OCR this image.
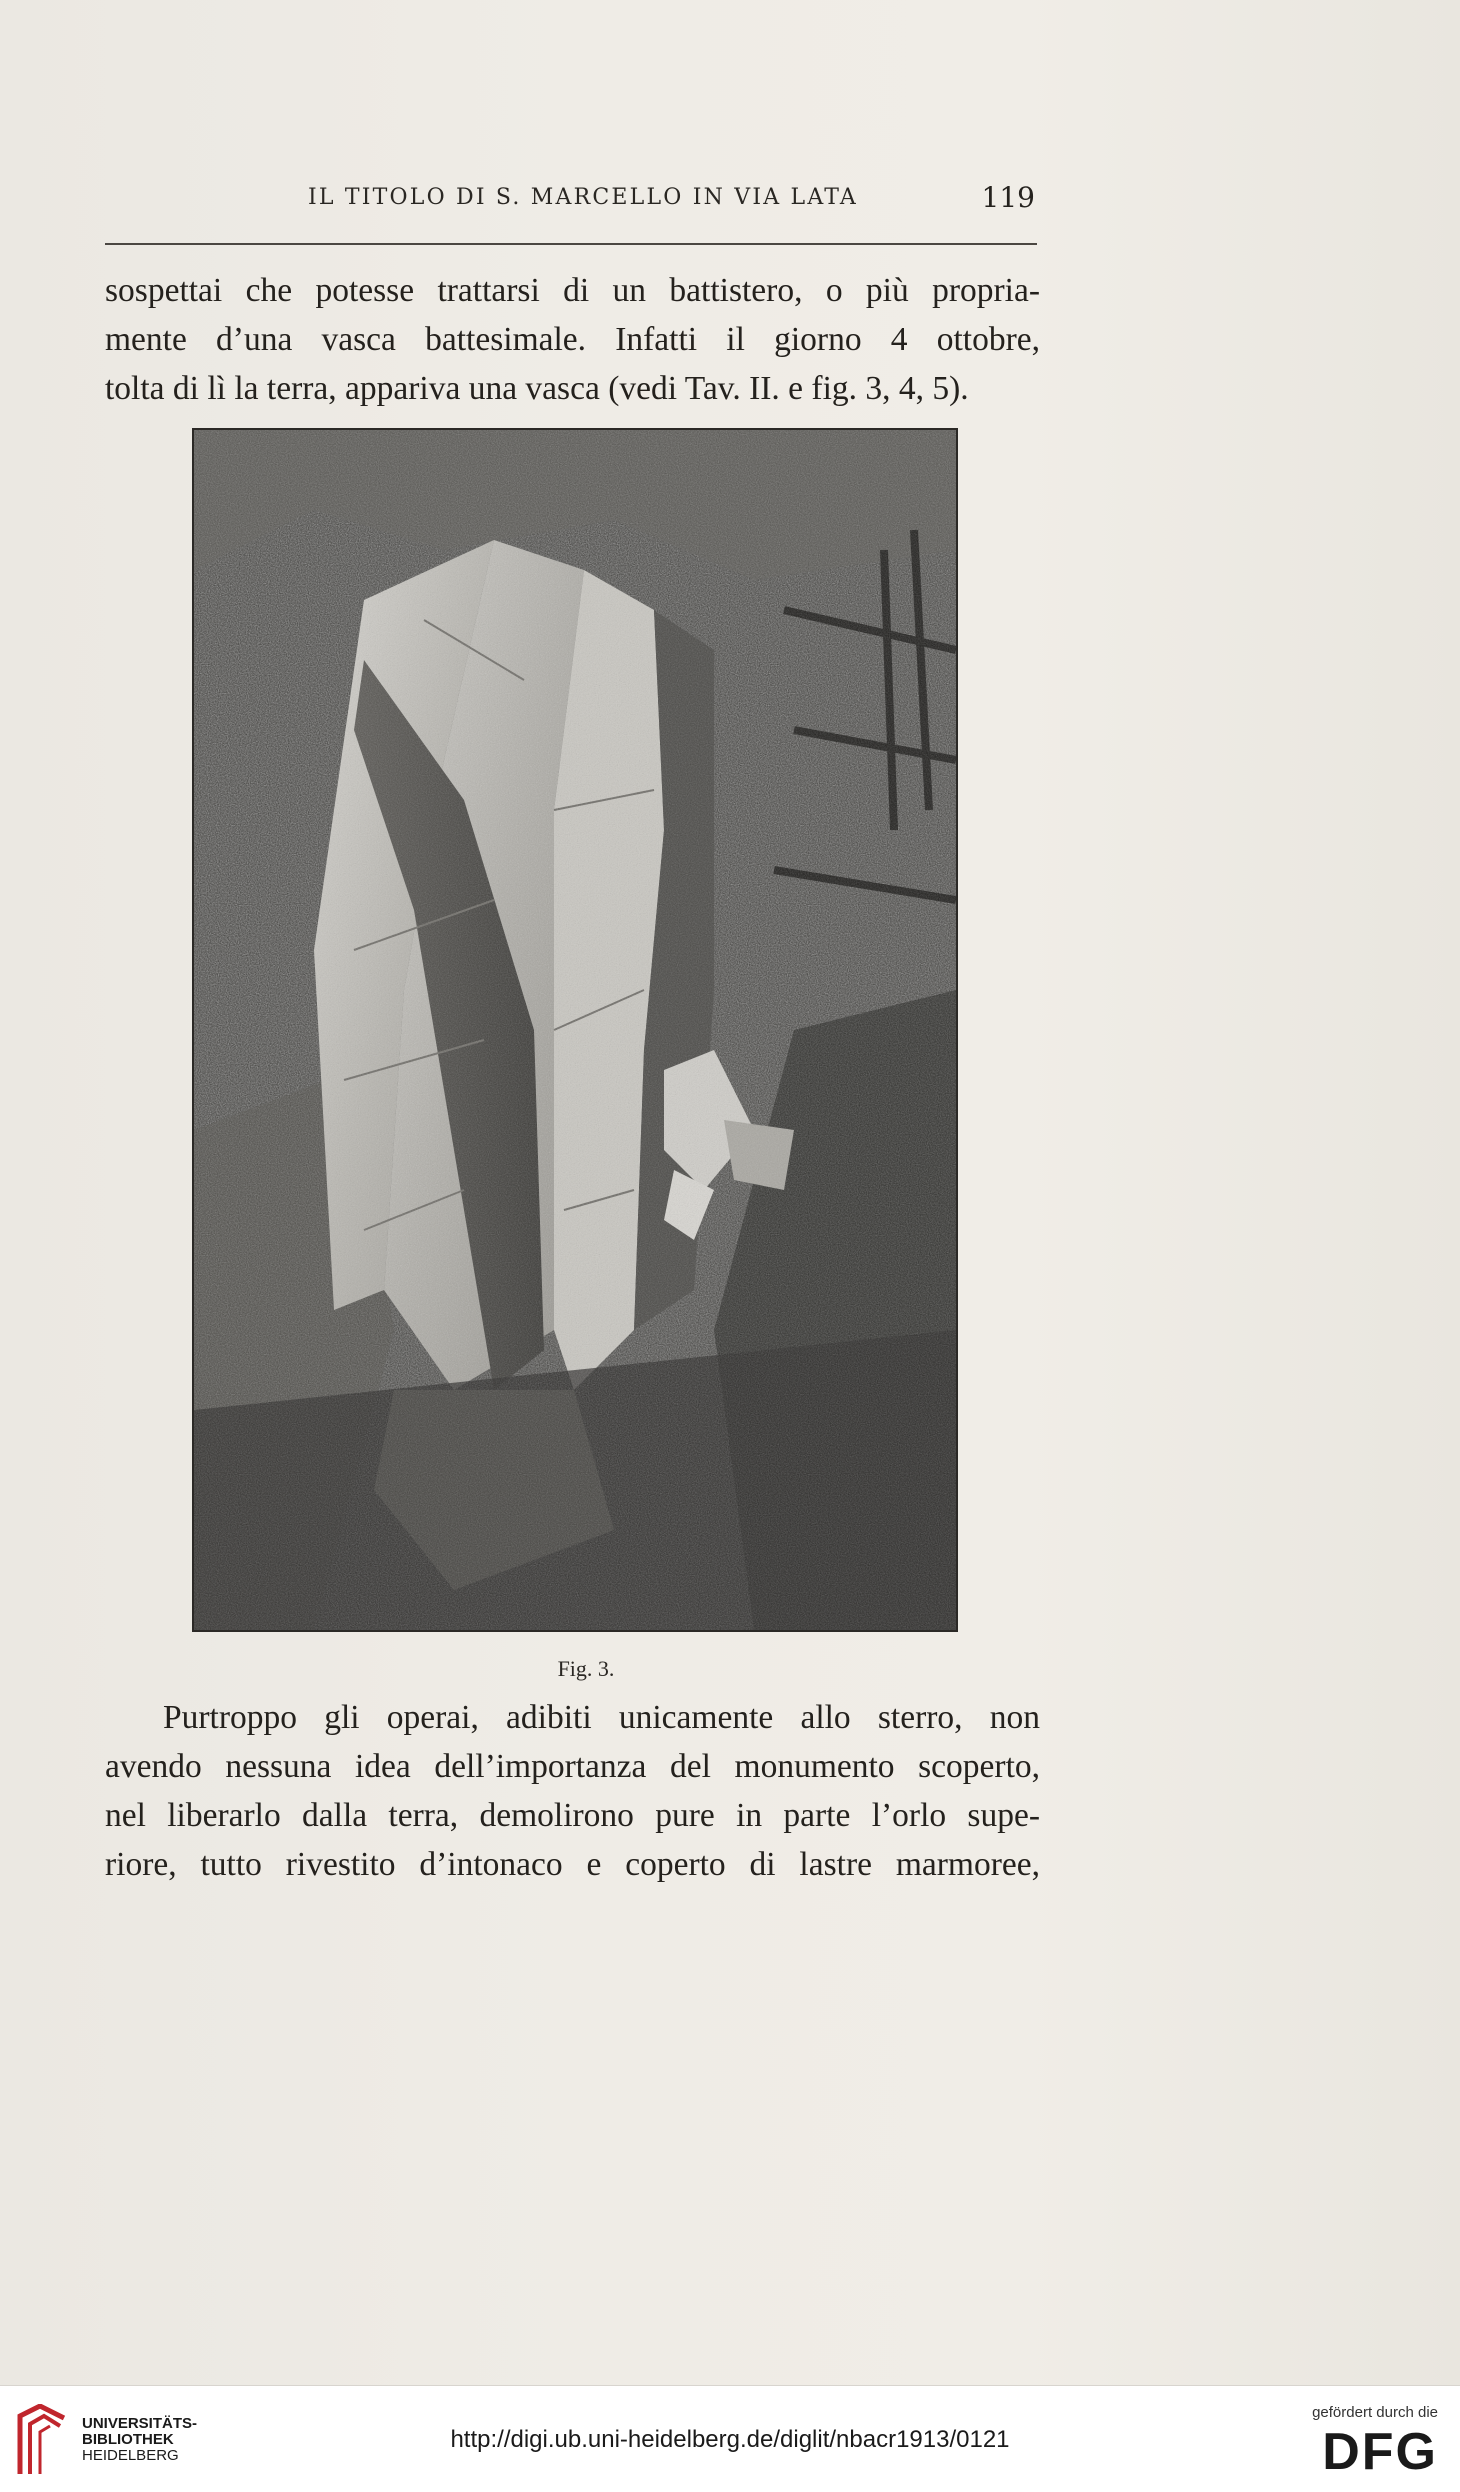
IL TITOLO DI S. MARCELLO IN VIA LATA	119

sospettai che potesse trattarsi di un battistero, o più propria-
mente d’una vasca battesimale. Infatti il giorno 4 ottobre,
tolta di lì la terra, appariva una vasca (vedi Tav. II. e fig. 3, 4, 5).

Fig. 3.

Purtroppo gli operai, adibiti unicamente allo sterro, non
avendo nessuna idea dell’importanza del monumento scoperto,
nel liberarlo dalla terra, demolirono pure in parte l’orlo supe-
riore, tutto rivestito d’intonaco e coperto di lastre marmoree,

UNIVERSITÄTS-
BIBLIOTHEK
HEIDELBERG
http://digi.ub.uni-heidelberg.de/diglit/nbacr1913/0121
gefördert durch die
DFG
